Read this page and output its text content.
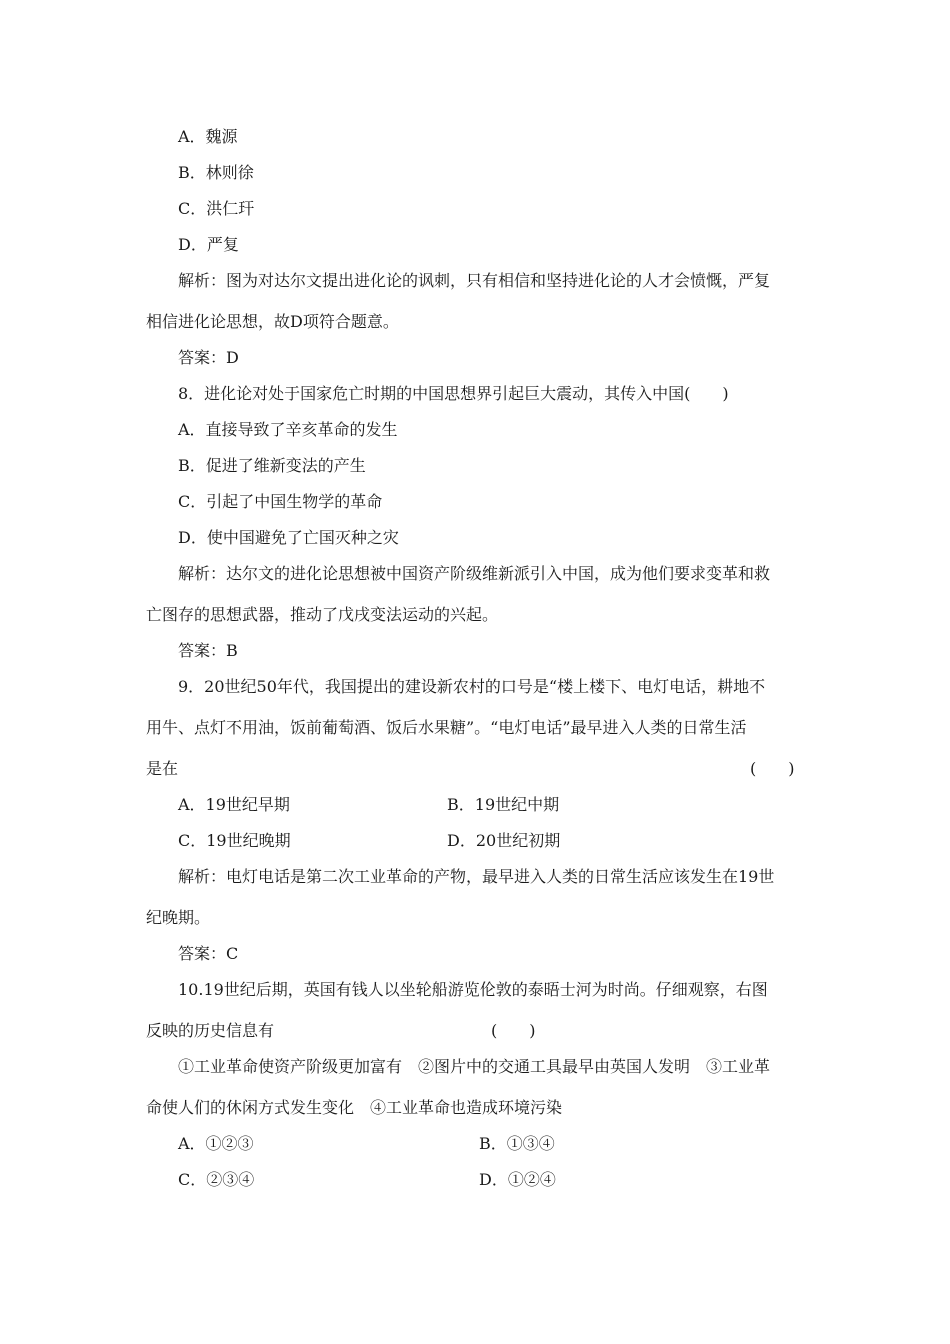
A．魏源
B．林则徐
C．洪仁玕
D．严复
解析：图为对达尔文提出进化论的讽刺，只有相信和坚持进化论的人才会愤慨，严复
相信进化论思想，故D项符合题意。
答案：D
8．进化论对处于国家危亡时期的中国思想界引起巨大震动，其传入中国(　　)
A．直接导致了辛亥革命的发生
B．促进了维新变法的产生
C．引起了中国生物学的革命
D．使中国避免了亡国灭种之灾
解析：达尔文的进化论思想被中国资产阶级维新派引入中国，成为他们要求变革和救
亡图存的思想武器，推动了戊戌变法运动的兴起。
答案：B
9．20世纪50年代，我国提出的建设新农村的口号是“楼上楼下、电灯电话，耕地不
用牛、点灯不用油，饭前葡萄酒、饭后水果糖”。“电灯电话”最早进入人类的日常生活
是在	(　　)
A．19世纪早期	B．19世纪中期
C．19世纪晚期	D．20世纪初期
解析：电灯电话是第二次工业革命的产物，最早进入人类的日常生活应该发生在19世
纪晚期。
答案：C
10.19世纪后期，英国有钱人以坐轮船游览伦敦的泰晤士河为时尚。仔细观察，右图
反映的历史信息有	(　　)
①工业革命使资产阶级更加富有　②图片中的交通工具最早由英国人发明　③工业革
命使人们的休闲方式发生变化　④工业革命也造成环境污染
A．①②③	B．①③④
C．②③④	D．①②④
